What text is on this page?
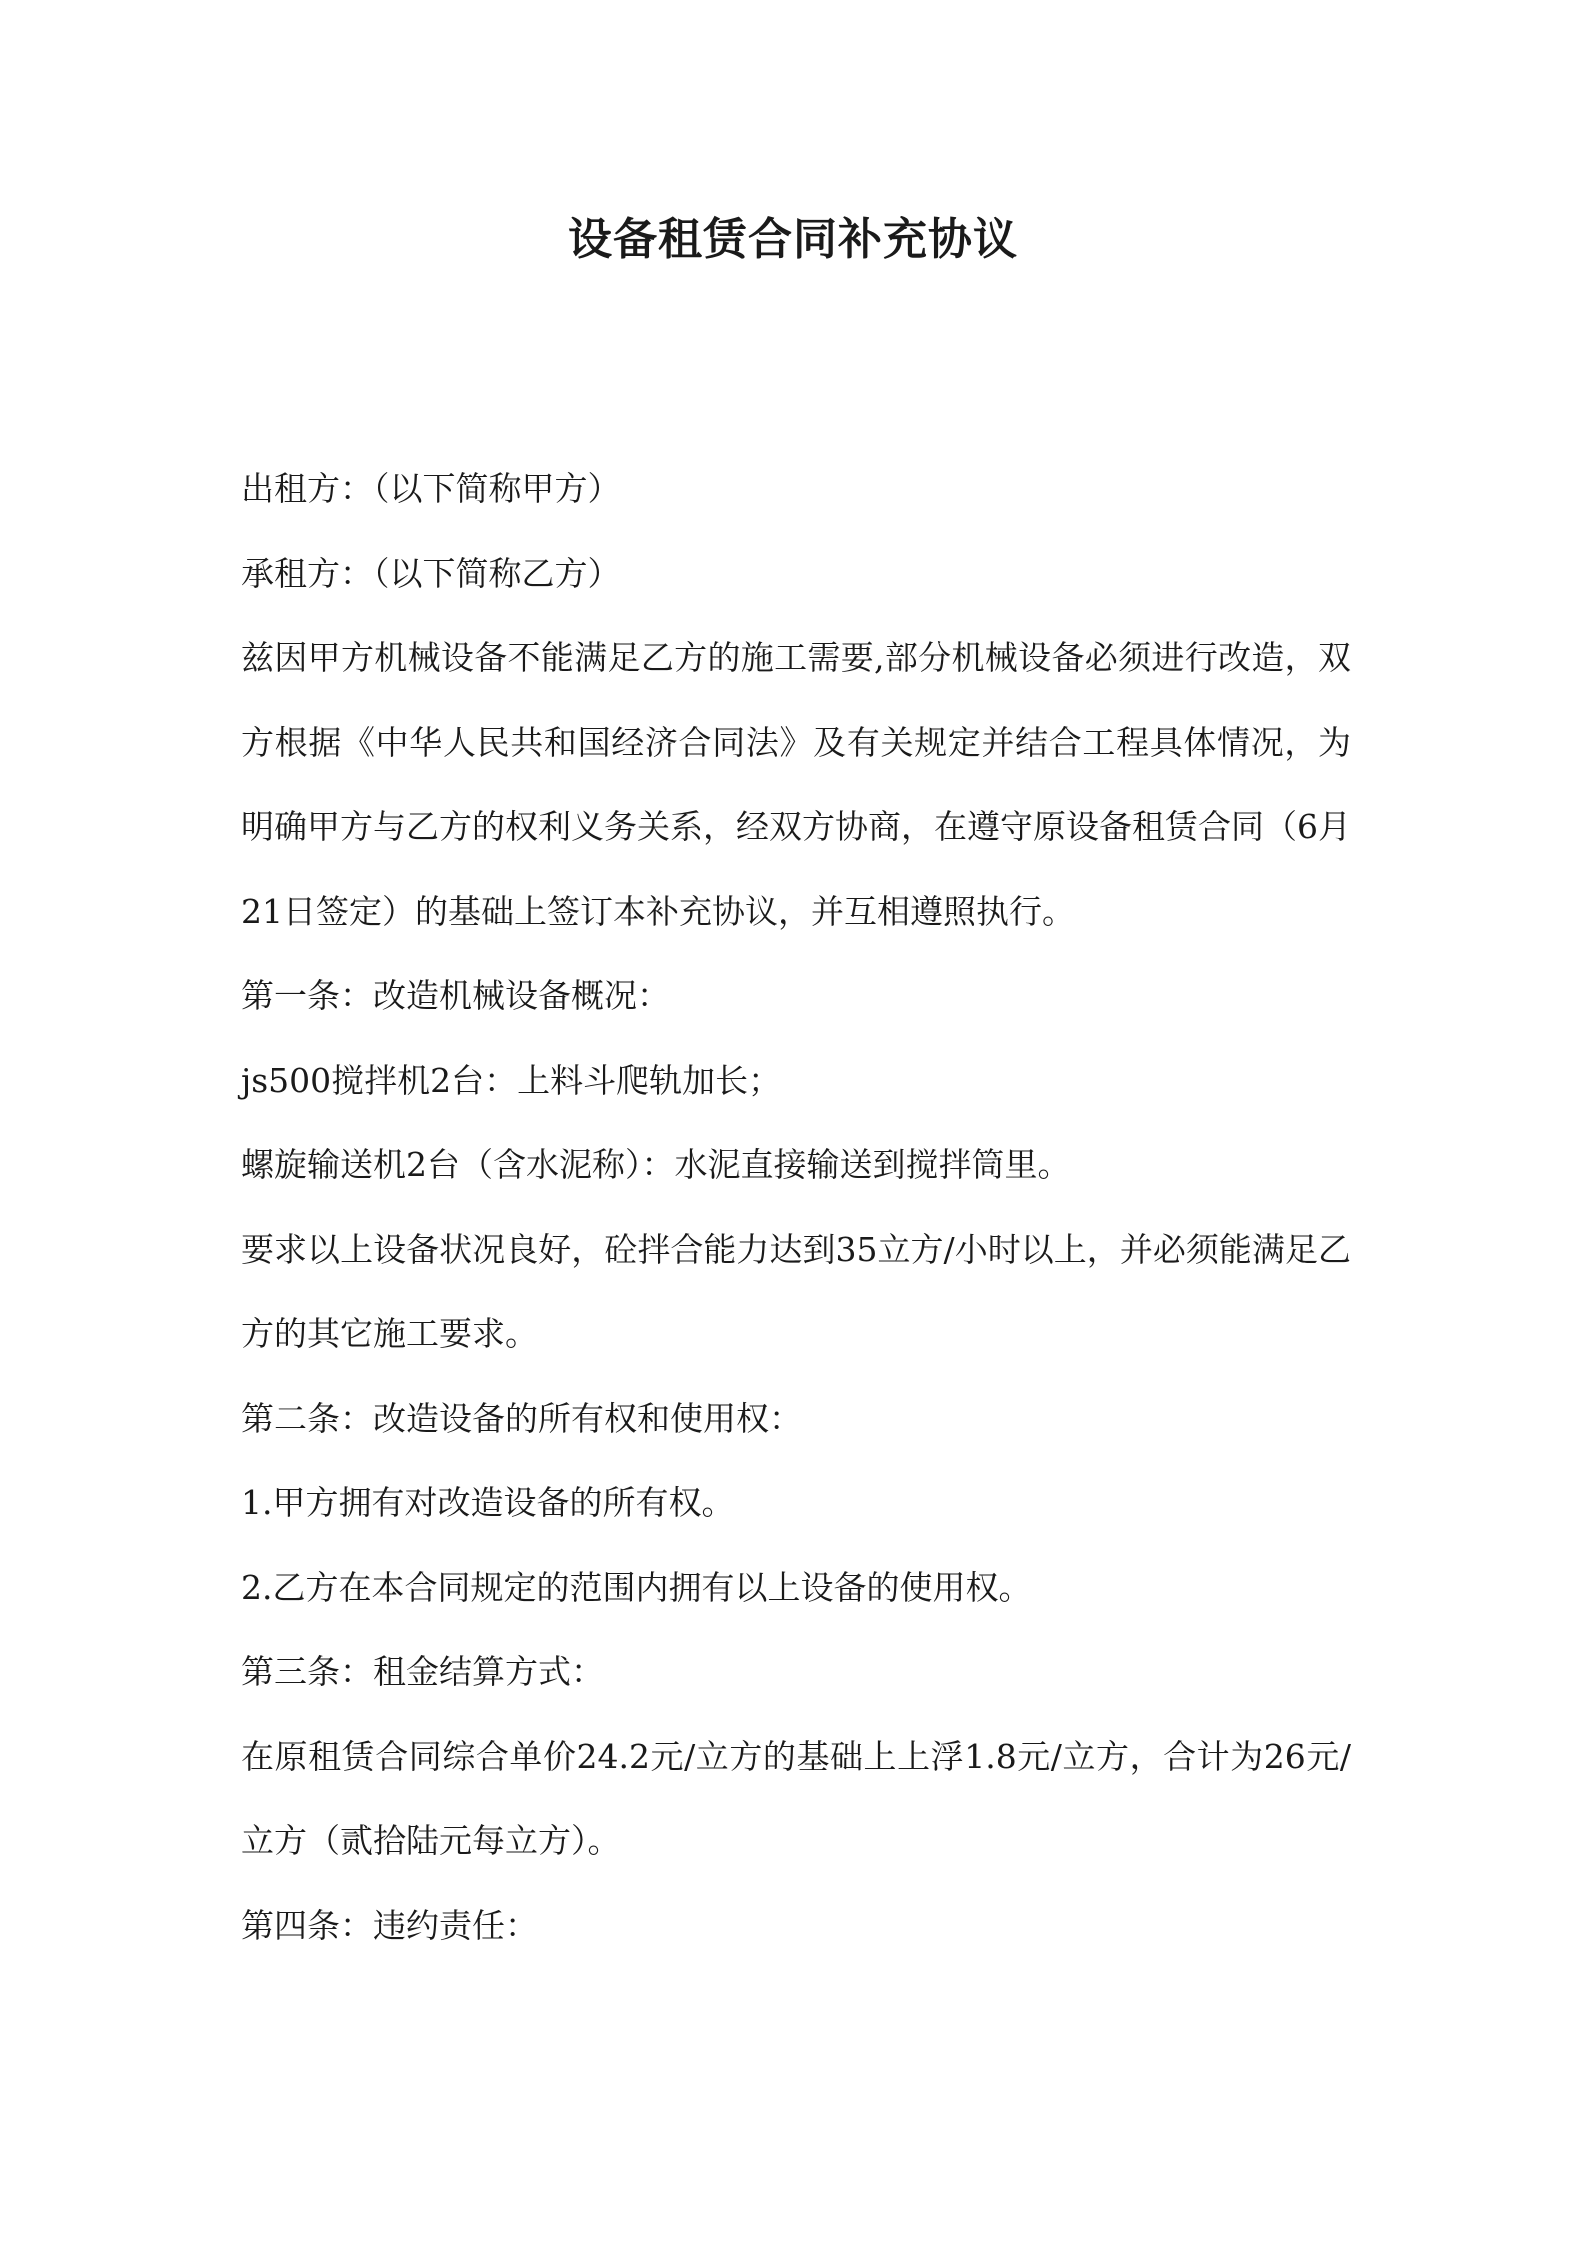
设备租赁合同补充协议

出租方：（以下简称甲方）

承租方：（以下简称乙方）

兹因甲方机械设备不能满足乙方的施工需要,部分机械设备必须进行改造，双方根据《中华人民共和国经济合同法》及有关规定并结合工程具体情况，为明确甲方与乙方的权利义务关系，经双方协商，在遵守原设备租赁合同（6月21日签定）的基础上签订本补充协议，并互相遵照执行。

第一条：改造机械设备概况：

js500搅拌机2台：上料斗爬轨加长；

螺旋输送机2台（含水泥称）：水泥直接输送到搅拌筒里。

要求以上设备状况良好，砼拌合能力达到35立方/小时以上，并必须能满足乙方的其它施工要求。

第二条：改造设备的所有权和使用权：

1.甲方拥有对改造设备的所有权。

2.乙方在本合同规定的范围内拥有以上设备的使用权。

第三条：租金结算方式：

在原租赁合同综合单价24.2元/立方的基础上上浮1.8元/立方，合计为26元/立方（贰拾陆元每立方）。

第四条：违约责任：
